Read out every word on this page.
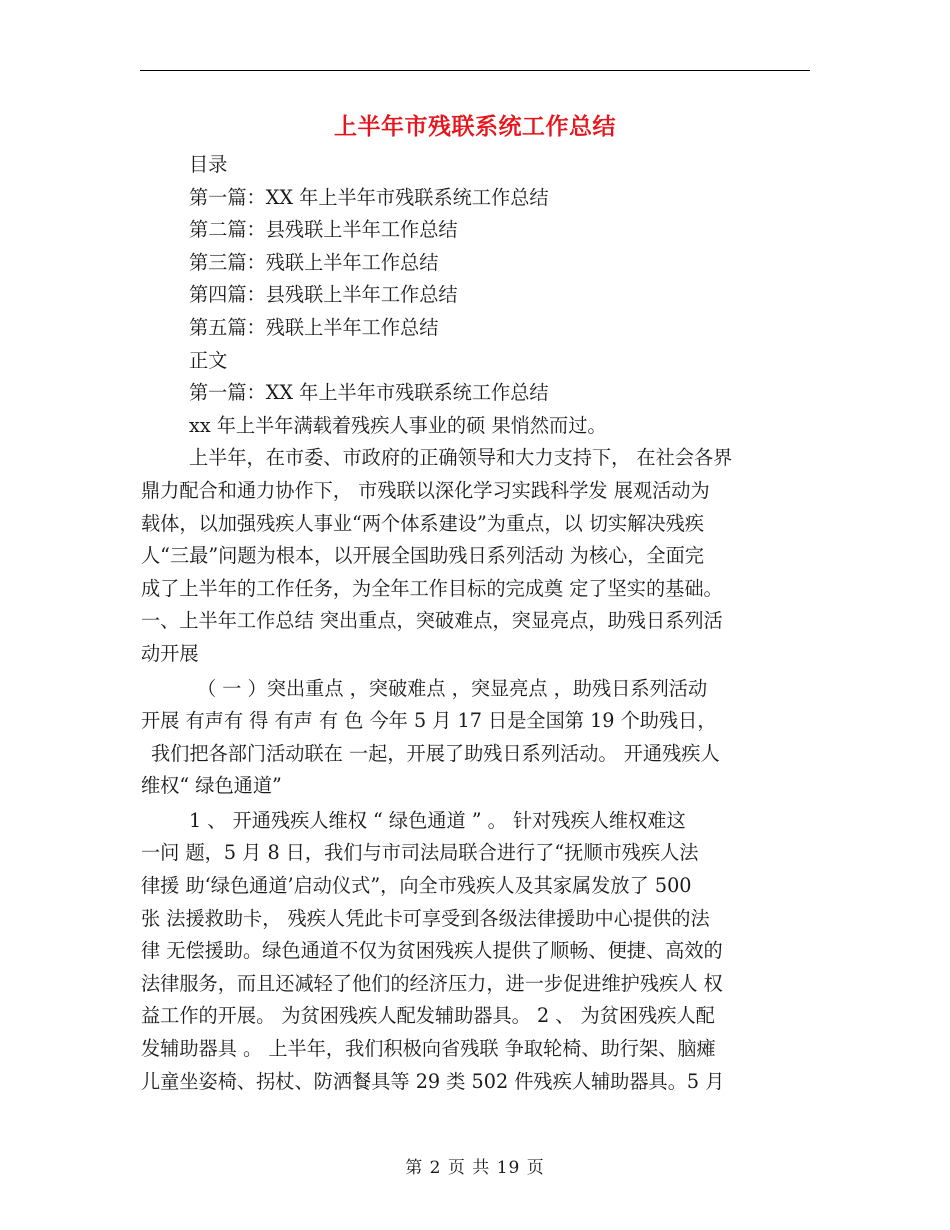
上半年市残联系统工作总结
目录
第一篇：XX 年上半年市残联系统工作总结
第二篇：县残联上半年工作总结
第三篇：残联上半年工作总结
第四篇：县残联上半年工作总结
第五篇：残联上半年工作总结
正文
第一篇：XX 年上半年市残联系统工作总结
xx 年上半年满载着残疾人事业的硕 果悄然而过。
上半年，在市委、市政府的正确领导和大力支持下， 在社会各界
鼎力配合和通力协作下， 市残联以深化学习实践科学发 展观活动为
载体，以加强残疾人事业“两个体系建设”为重点，以 切实解决残疾
人“三最”问题为根本，以开展全国助残日系列活动 为核心，全面完
成了上半年的工作任务，为全年工作目标的完成奠 定了坚实的基础。
一、上半年工作总结 突出重点，突破难点，突显亮点，助残日系列活
动开展
（ 一 ）突出重点 ，突破难点 ，突显亮点 ，助残日系列活动
开展 有声有 得 有声 有 色 今年 5 月 17 日是全国第 19 个助残日，
我们把各部门活动联在 一起，开展了助残日系列活动。 开通残疾人
维权“ 绿色通道”
1 、 开通残疾人维权 “ 绿色通道 ” 。 针对残疾人维权难这
一问 题，5 月 8 日，我们与市司法局联合进行了“抚顺市残疾人法
律援 助‘绿色通道’启动仪式”，向全市残疾人及其家属发放了 500
张 法援救助卡， 残疾人凭此卡可享受到各级法律援助中心提供的法
律 无偿援助。绿色通道不仅为贫困残疾人提供了顺畅、便捷、高效的
法律服务，而且还减轻了他们的经济压力，进一步促进维护残疾人 权
益工作的开展。 为贫困残疾人配发辅助器具。 2 、 为贫困残疾人配
发辅助器具 。 上半年，我们积极向省残联 争取轮椅、助行架、脑瘫
儿童坐姿椅、拐杖、防洒餐具等 29 类 502 件残疾人辅助器具。5 月
第 2 页 共 19 页
